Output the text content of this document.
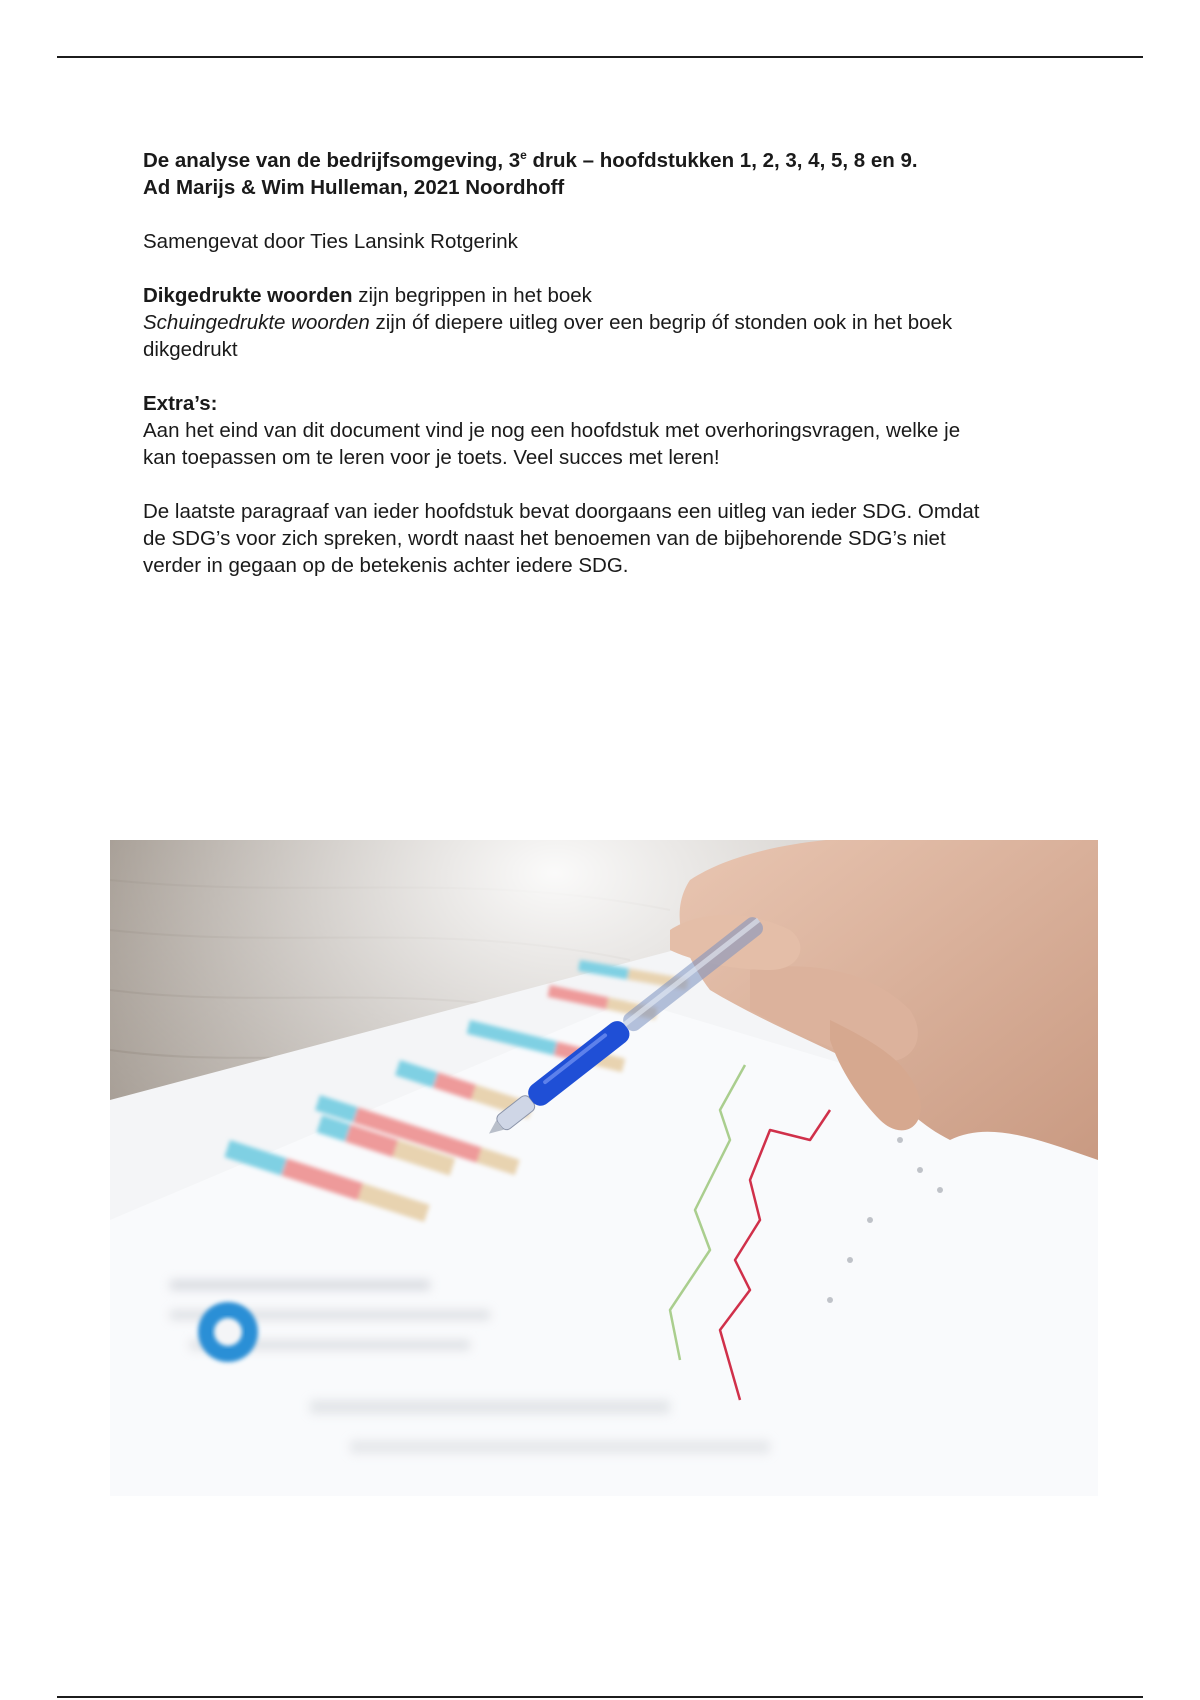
De analyse van de bedrijfsomgeving, 3e druk – hoofdstukken 1, 2, 3, 4, 5, 8 en 9.

Ad Marijs & Wim Hulleman, 2021 Noordhoff

Samengevat door Ties Lansink Rotgerink

Dikgedrukte woorden zijn begrippen in het boek

Schuingedrukte woorden zijn óf diepere uitleg over een begrip óf stonden ook in het boek

dikgedrukt

Extra’s:

Aan het eind van dit document vind je nog een hoofdstuk met overhoringsvragen, welke je

kan toepassen om te leren voor je toets. Veel succes met leren!

De laatste paragraaf van ieder hoofdstuk bevat doorgaans een uitleg van ieder SDG. Omdat

de SDG’s voor zich spreken, wordt naast het benoemen van de bijbehorende SDG’s niet

verder in gegaan op de betekenis achter iedere SDG.
